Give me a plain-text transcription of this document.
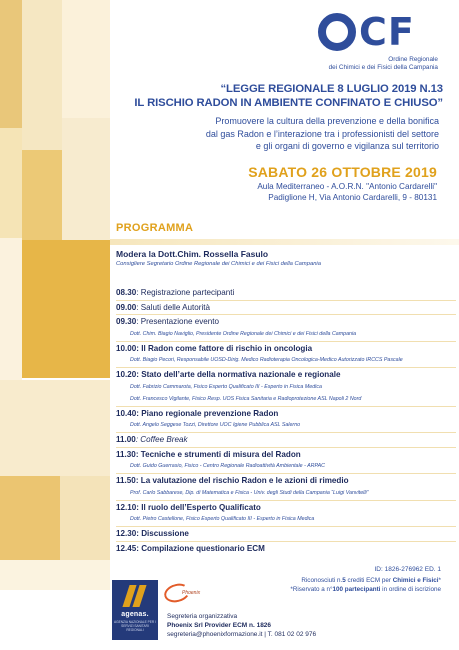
CF
Ordine Regionale
dei Chimici e dei Fisici della Campania
“LEGGE REGIONALE 8 LUGLIO 2019 N.13
IL RISCHIO RADON IN AMBIENTE CONFINATO E CHIUSO”
Promuovere la cultura della prevenzione e della bonifica
dal gas Radon e l’interazione tra i professionisti del settore
e gli organi di governo e vigilanza sul territorio
SABATO 26 OTTOBRE 2019
Aula Mediterraneo - A.O.R.N. "Antonio Cardarelli"
Padiglione H, Via Antonio Cardarelli, 9 - 80131
PROGRAMMA
Modera la Dott.Chim. Rossella Fasulo
Consigliere Segretario Ordine Regionale dei Chimici e dei Fisici della Campania
08.30: Registrazione partecipanti
09.00: Saluti delle Autorità
09.30: Presentazione evento
Dott. Chim. Biagio Naviglio, Presidente Ordine Regionale dei Chimici e dei Fisici della Campania
10.00: Il Radon come fattore di rischio in oncologia
Dott. Biagio Pecori, Responsabile UOSD-Dirig. Medico Radioterapia Oncologica-Medico Autorizzato IRCCS Pascale
10.20: Stato dell’arte della normativa nazionale e regionale
Dott. Fabrizio Cammarota, Fisico Esperto Qualificato III - Esperto in Fisica Medica
Dott. Francesco Vigilante, Fisico Resp. UOS Fisica Sanitaria e Radioprotezione ASL Napoli 2 Nord
10.40: Piano regionale prevenzione Radon
Dott. Angelo Seggese Tozzi, Direttore UOC Igiene Pubblica ASL Salerno
11.00: Coffee Break
11.30: Tecniche e strumenti di misura del Radon
Dott. Guido Guerrasio, Fisico - Centro Regionale Radioattività Ambientale - ARPAC
11.50: La valutazione del rischio Radon e le azioni di rimedio
Prof. Carlo Sabbarese, Dip. di Matematica e Fisica - Univ. degli Studi della Campania “Luigi Vanvitelli”
12.10: Il ruolo dell’Esperto Qualificato
Dott. Pietro Castellone, Fisico Esperto Qualificato III - Esperto in Fisica Medica
12.30: Discussione
12.45: Compilazione questionario ECM
ID: 1826-276962 ED. 1
Riconosciuti n.5 crediti ECM per Chimici e Fisici*
*Riservato a n°100 partecipanti in ordine di iscrizione
agenas.
AGENZIA NAZIONALE PER I SERVIZI SANITARI REGIONALI
Phoenix
Segreteria organizzativa
Phoenix Srl Provider ECM n. 1826
segreteria@phoenixformazione.it | T. 081 02 02 976
